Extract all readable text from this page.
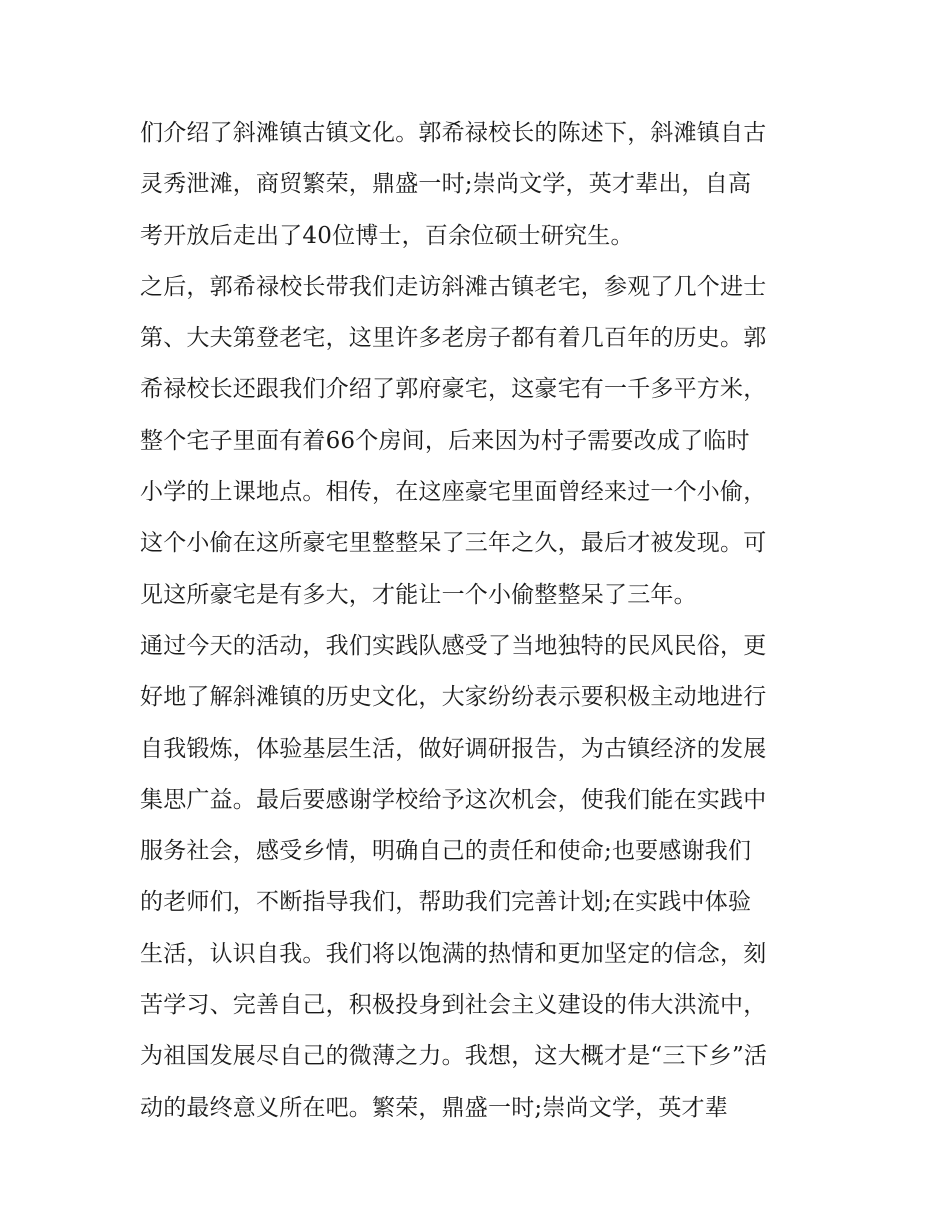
们介绍了斜滩镇古镇文化。郭希禄校长的陈述下，斜滩镇自古
灵秀泄滩，商贸繁荣，鼎盛一时;崇尚文学，英才辈出，自高
考开放后走出了40位博士，百余位硕士研究生。
之后，郭希禄校长带我们走访斜滩古镇老宅，参观了几个进士
第、大夫第登老宅，这里许多老房子都有着几百年的历史。郭
希禄校长还跟我们介绍了郭府豪宅，这豪宅有一千多平方米，
整个宅子里面有着66个房间，后来因为村子需要改成了临时
小学的上课地点。相传，在这座豪宅里面曾经来过一个小偷，
这个小偷在这所豪宅里整整呆了三年之久，最后才被发现。可
见这所豪宅是有多大，才能让一个小偷整整呆了三年。
通过今天的活动，我们实践队感受了当地独特的民风民俗，更
好地了解斜滩镇的历史文化，大家纷纷表示要积极主动地进行
自我锻炼，体验基层生活，做好调研报告，为古镇经济的发展
集思广益。最后要感谢学校给予这次机会，使我们能在实践中
服务社会，感受乡情，明确自己的责任和使命;也要感谢我们
的老师们，不断指导我们，帮助我们完善计划;在实践中体验
生活，认识自我。我们将以饱满的热情和更加坚定的信念，刻
苦学习、完善自己，积极投身到社会主义建设的伟大洪流中，
为祖国发展尽自己的微薄之力。我想，这大概才是“三下乡”活
动的最终意义所在吧。繁荣，鼎盛一时;崇尚文学，英才辈
